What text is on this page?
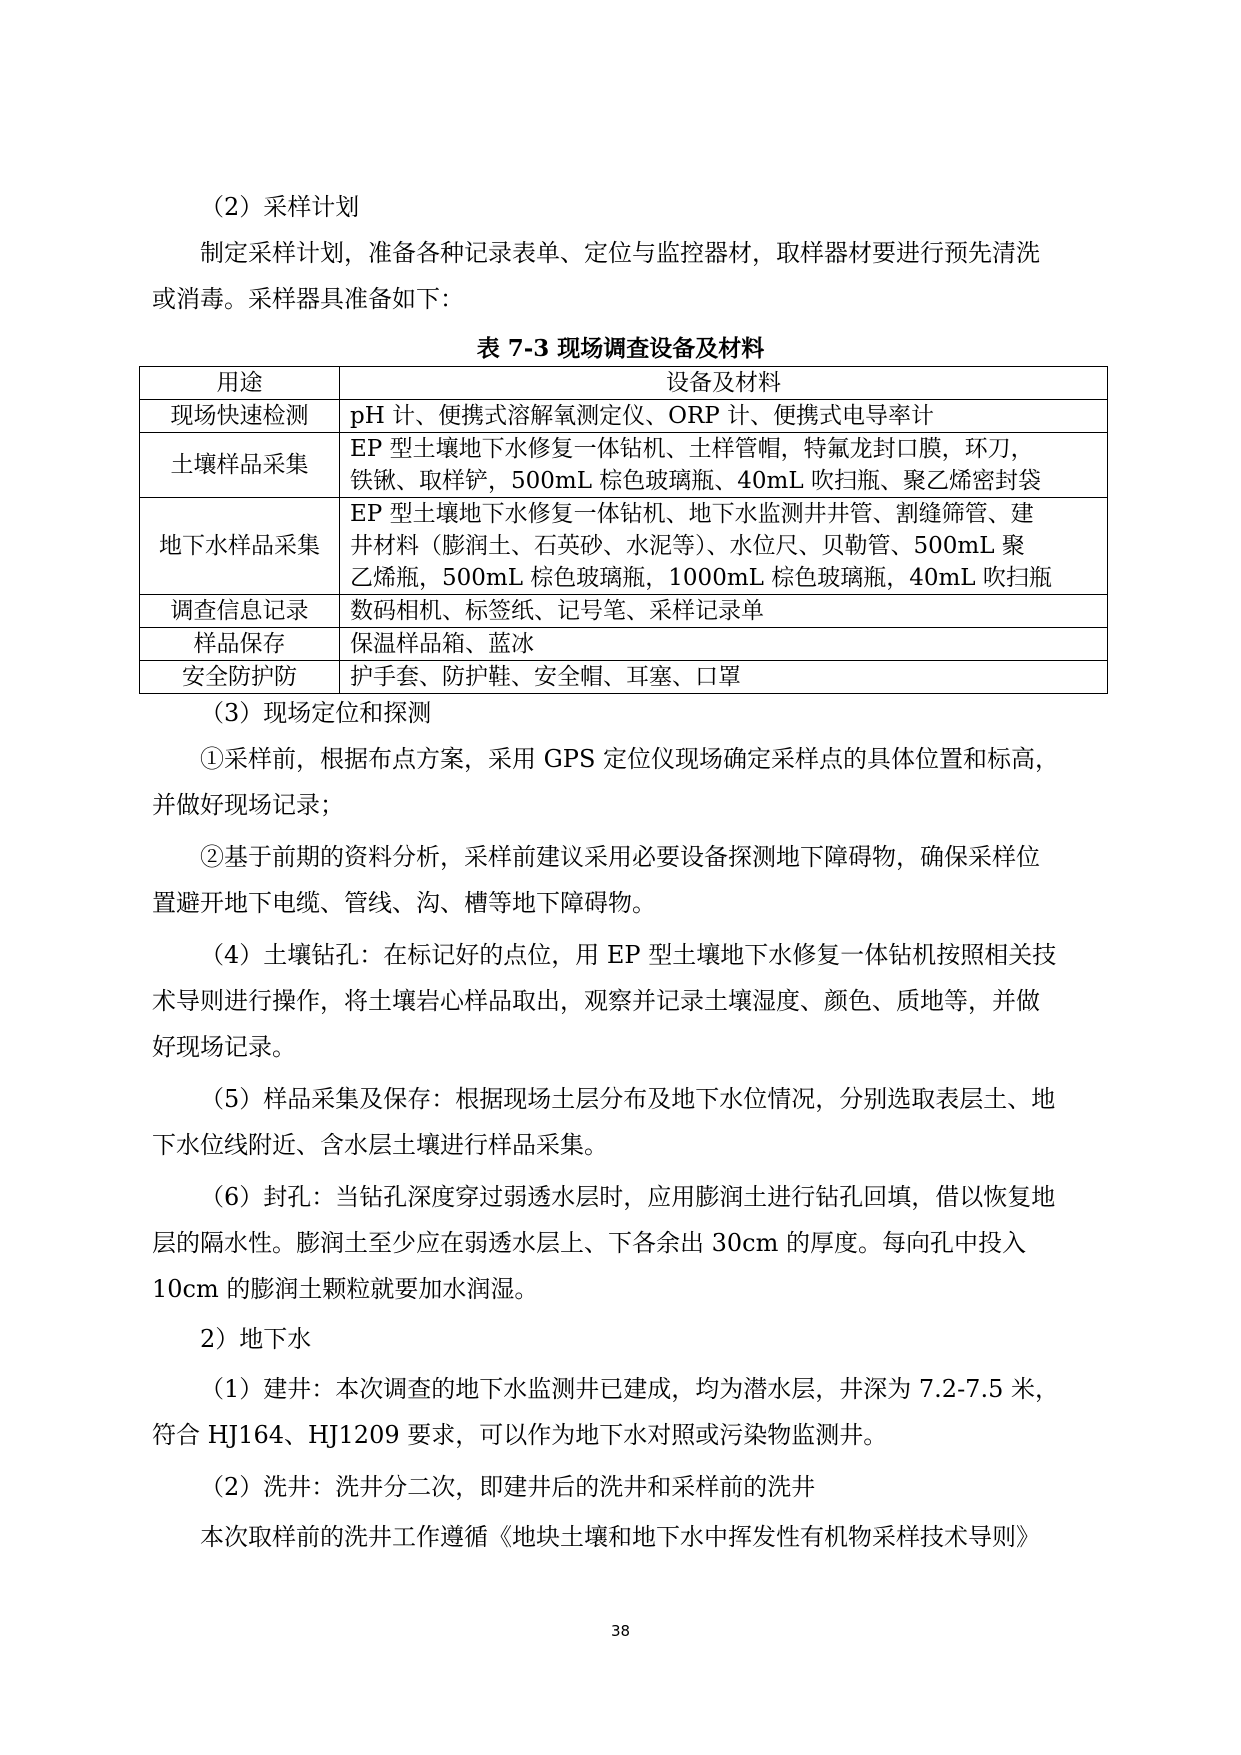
（2）采样计划
制定采样计划，准备各种记录表单、定位与监控器材，取样器材要进行预先清洗
或消毒。采样器具准备如下：
表 7-3 现场调查设备及材料
用途	设备及材料
现场快速检测	pH 计、便携式溶解氧测定仪、ORP 计、便携式电导率计
土壤样品采集	EP 型土壤地下水修复一体钻机、土样管帽，特氟龙封口膜，环刀，
铁锹、取样铲，500mL 棕色玻璃瓶、40mL 吹扫瓶、聚乙烯密封袋
地下水样品采集	EP 型土壤地下水修复一体钻机、地下水监测井井管、割缝筛管、建
井材料（膨润土、石英砂、水泥等）、水位尺、贝勒管、500mL 聚
乙烯瓶，500mL 棕色玻璃瓶，1000mL 棕色玻璃瓶，40mL 吹扫瓶
调查信息记录	数码相机、标签纸、记号笔、采样记录单
样品保存	保温样品箱、蓝冰
安全防护防	护手套、防护鞋、安全帽、耳塞、口罩
（3）现场定位和探测
①采样前，根据布点方案，采用 GPS 定位仪现场确定采样点的具体位置和标高，
并做好现场记录；
②基于前期的资料分析，采样前建议采用必要设备探测地下障碍物，确保采样位
置避开地下电缆、管线、沟、槽等地下障碍物。
（4）土壤钻孔：在标记好的点位，用 EP 型土壤地下水修复一体钻机按照相关技
术导则进行操作，将土壤岩心样品取出，观察并记录土壤湿度、颜色、质地等，并做
好现场记录。
（5）样品采集及保存：根据现场土层分布及地下水位情况，分别选取表层土、地
下水位线附近、含水层土壤进行样品采集。
（6）封孔：当钻孔深度穿过弱透水层时，应用膨润土进行钻孔回填，借以恢复地
层的隔水性。膨润土至少应在弱透水层上、下各余出 30cm 的厚度。每向孔中投入
10cm 的膨润土颗粒就要加水润湿。
2）地下水
（1）建井：本次调查的地下水监测井已建成，均为潜水层，井深为 7.2-7.5 米，
符合 HJ164、HJ1209 要求，可以作为地下水对照或污染物监测井。
（2）洗井：洗井分二次，即建井后的洗井和采样前的洗井
本次取样前的洗井工作遵循《地块土壤和地下水中挥发性有机物采样技术导则》
38
